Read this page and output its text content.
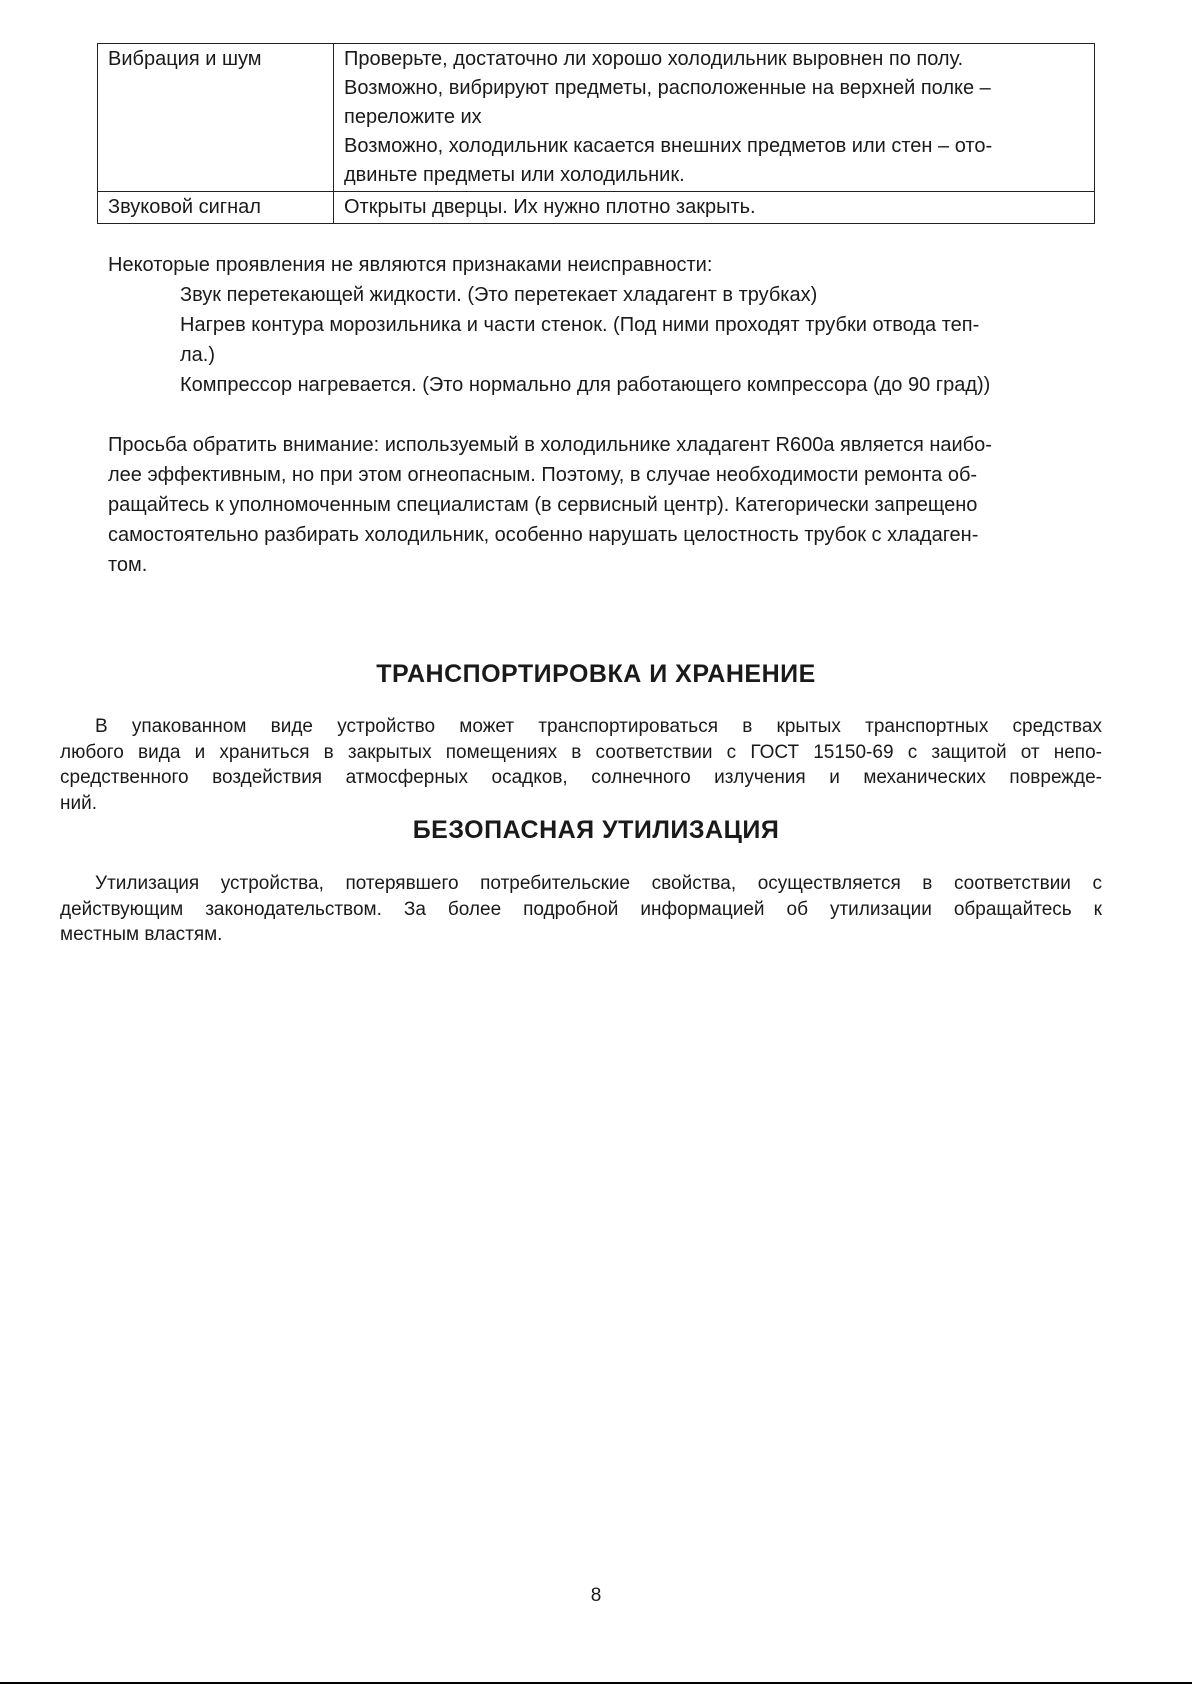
Вибрация и шум	Проверьте, достаточно ли хорошо холодильник выровнен по полу.
Возможно, вибрируют предметы, расположенные на верхней полке –
переложите их
Возможно, холодильник касается внешних предметов или стен – ото-
двиньте предметы или холодильник.

Звуковой сигнал	Открыты дверцы. Их нужно плотно закрыть.
Некоторые проявления не являются признаками неисправности:
Звук перетекающей жидкости. (Это перетекает хладагент в трубках)
Нагрев контура морозильника и части стенок. (Под ними проходят трубки отвода теп-
ла.)
Компрессор нагревается. (Это нормально для работающего компрессора (до 90 град))
Просьба обратить внимание: используемый в холодильнике хладагент R600a является наибо-
лее эффективным, но при этом огнеопасным. Поэтому, в случае необходимости ремонта об-
ращайтесь к уполномоченным специалистам (в сервисный центр). Категорически запрещено
самостоятельно разбирать холодильник, особенно нарушать целостность трубок с хладаген-
том.
ТРАНСПОРТИРОВКА И ХРАНЕНИЕ
В упакованном виде устройство может транспортироваться в крытых транспортных средствах
любого вида и храниться в закрытых помещениях в соответствии с ГОСТ 15150-69 с защитой от непо-
средственного воздействия атмосферных осадков, солнечного излучения и механических поврежде-
ний.
БЕЗОПАСНАЯ УТИЛИЗАЦИЯ
Утилизация устройства, потерявшего потребительские свойства, осуществляется в соответствии с
действующим законодательством. За более подробной информацией об утилизации обращайтесь к
местным властям.
8
